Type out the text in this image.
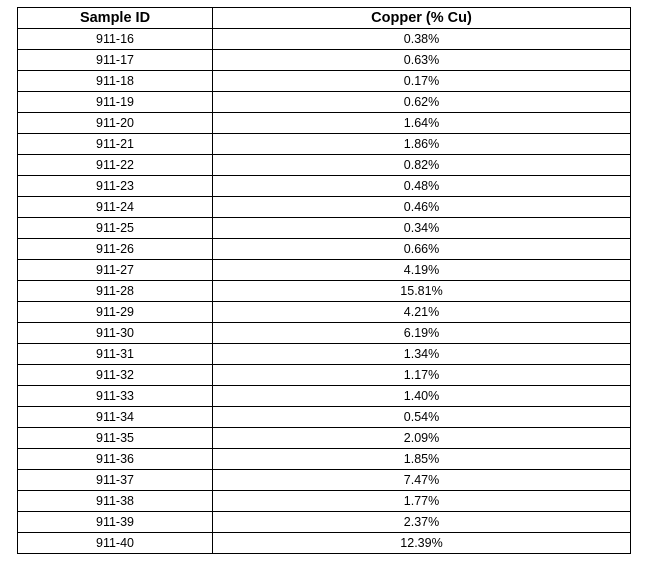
Sample ID	Copper (% Cu)
911-16	0.38%
911-17	0.63%
911-18	0.17%
911-19	0.62%
911-20	1.64%
911-21	1.86%
911-22	0.82%
911-23	0.48%
911-24	0.46%
911-25	0.34%
911-26	0.66%
911-27	4.19%
911-28	15.81%
911-29	4.21%
911-30	6.19%
911-31	1.34%
911-32	1.17%
911-33	1.40%
911-34	0.54%
911-35	2.09%
911-36	1.85%
911-37	7.47%
911-38	1.77%
911-39	2.37%
911-40	12.39%
